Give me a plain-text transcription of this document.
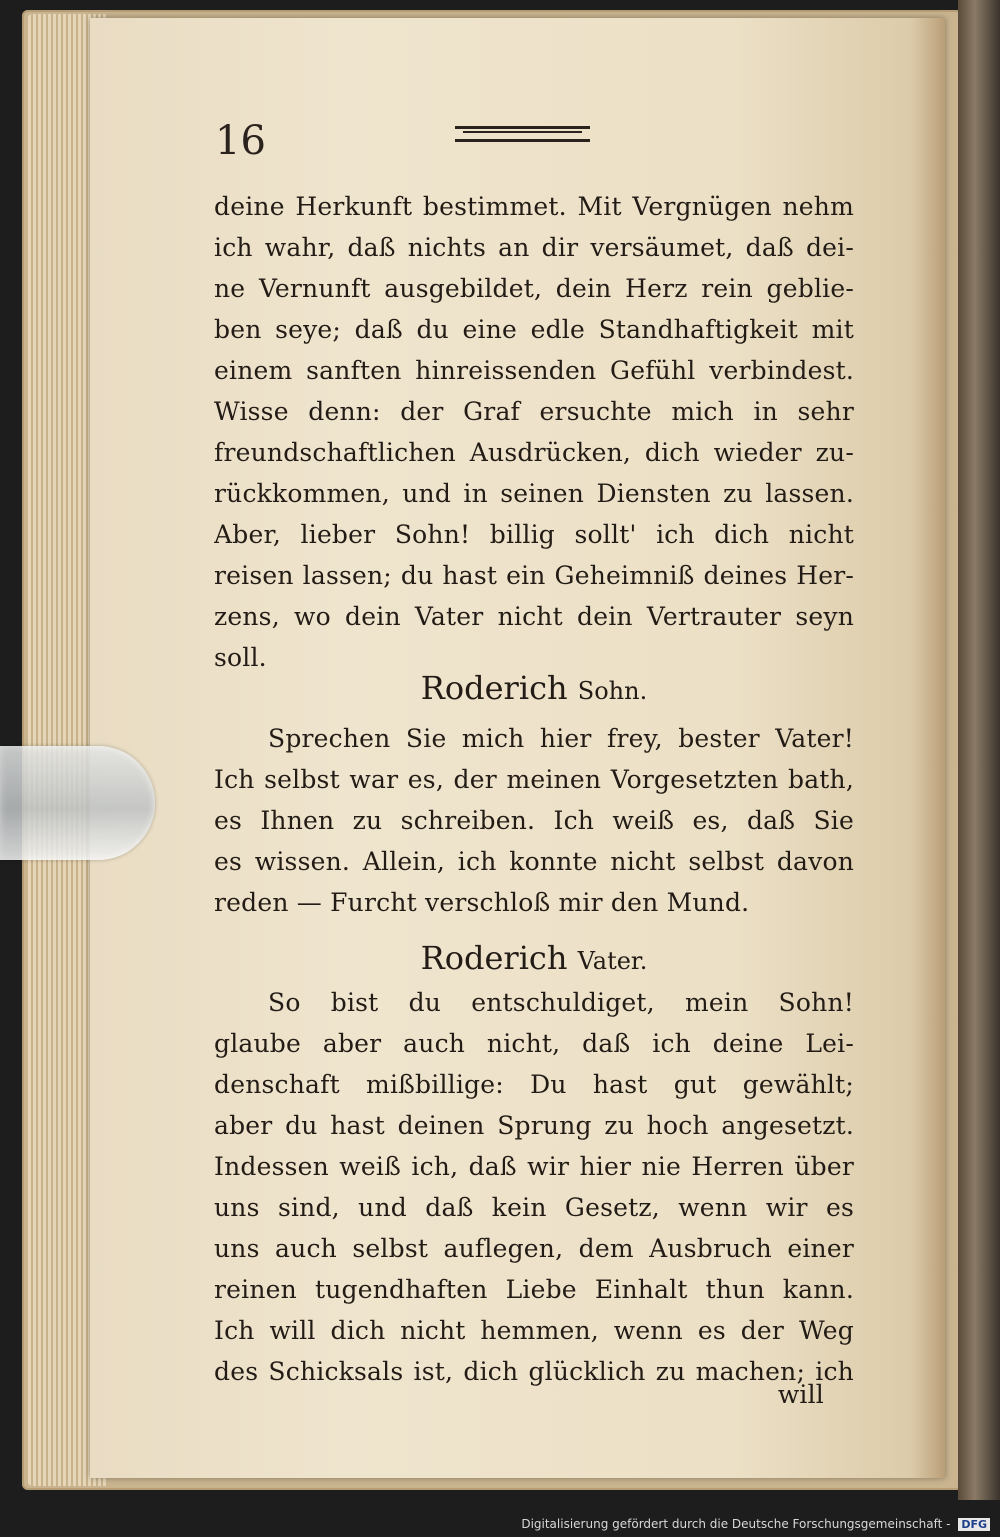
16
deine Herkunft bestimmet. Mit Vergnügen nehm
ich wahr, daß nichts an dir versäumet, daß dei-
ne Vernunft ausgebildet, dein Herz rein geblie-
ben seye; daß du eine edle Standhaftigkeit mit
einem sanften hinreissenden Gefühl verbindest.
Wisse denn: der Graf ersuchte mich in sehr
freundschaftlichen Ausdrücken, dich wieder zu-
rückkommen, und in seinen Diensten zu lassen.
Aber, lieber Sohn! billig sollt' ich dich nicht
reisen lassen; du hast ein Geheimniß deines Her-
zens, wo dein Vater nicht dein Vertrauter seyn
soll.
Roderich Sohn.
Sprechen Sie mich hier frey, bester Vater!
Ich selbst war es, der meinen Vorgesetzten bath,
es Ihnen zu schreiben. Ich weiß es, daß Sie
es wissen. Allein, ich konnte nicht selbst davon
reden — Furcht verschloß mir den Mund.
Roderich Vater.
So bist du entschuldiget, mein Sohn!
glaube aber auch nicht, daß ich deine Lei-
denschaft mißbillige: Du hast gut gewählt;
aber du hast deinen Sprung zu hoch angesetzt.
Indessen weiß ich, daß wir hier nie Herren über
uns sind, und daß kein Gesetz, wenn wir es
uns auch selbst auflegen, dem Ausbruch einer
reinen tugendhaften Liebe Einhalt thun kann.
Ich will dich nicht hemmen, wenn es der Weg
des Schicksals ist, dich glücklich zu machen; ich
will
Digitalisierung gefördert durch die Deutsche Forschungsgemeinschaft - DFG
